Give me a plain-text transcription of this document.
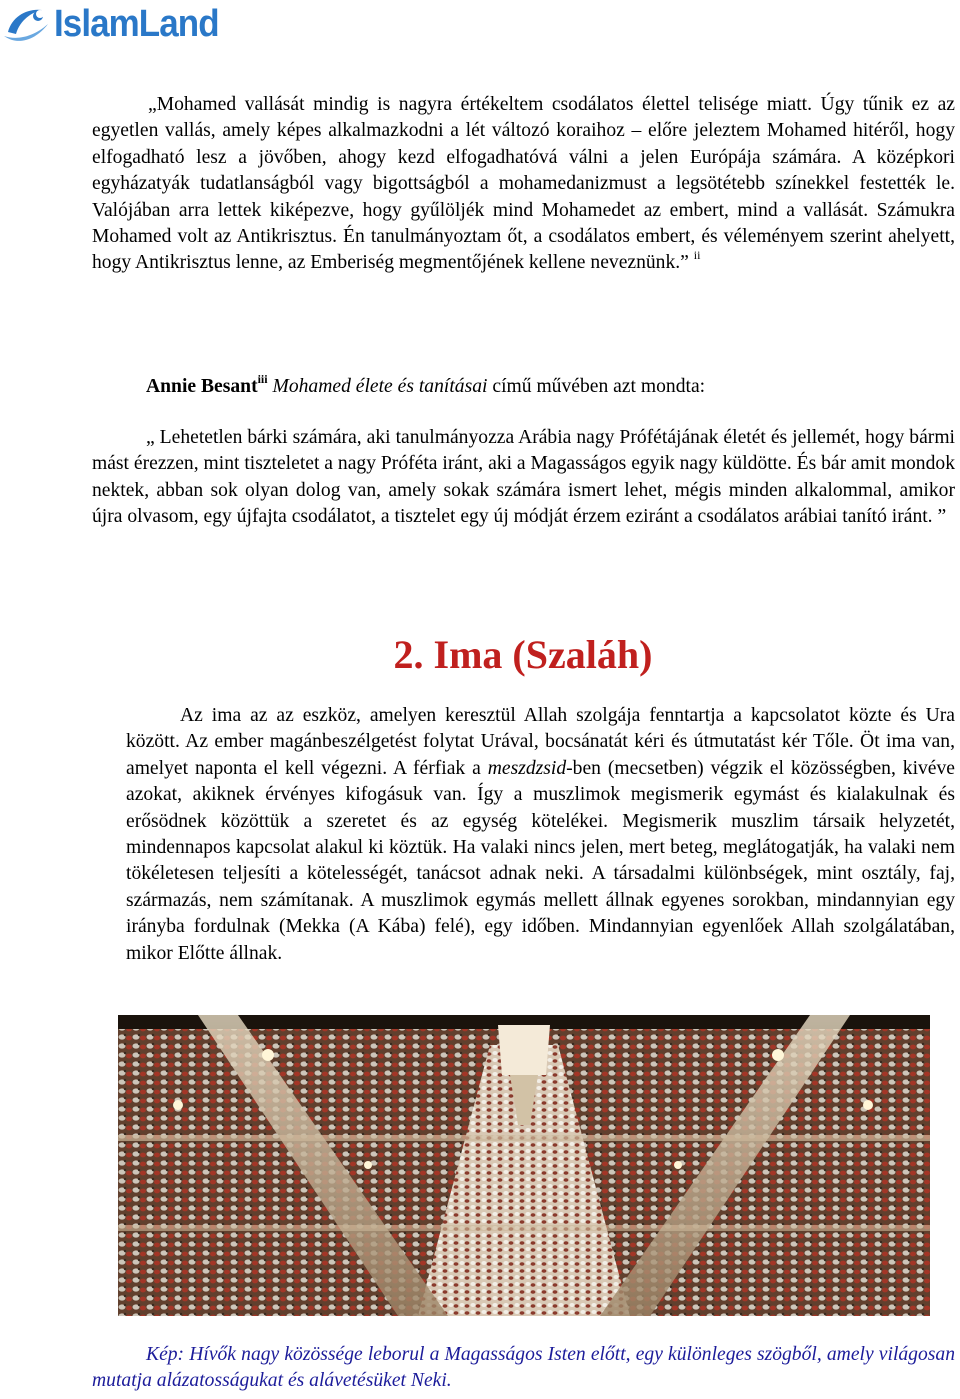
IslamLand

„Mohamed vallását mindig is nagyra értékeltem csodálatos élettel telisége miatt. Úgy tűnik ez az egyetlen vallás, amely képes alkalmazkodni a lét változó koraihoz – előre jeleztem Mohamed hitéről, hogy elfogadható lesz a jövőben, ahogy kezd elfogadhatóvá válni a jelen Európája számára. A középkori egyházatyák tudatlanságból vagy bigottságból a mohamedanizmust a legsötétebb színekkel festették le. Valójában arra lettek kiképezve, hogy gyűlöljék mind Mohamedet az embert, mind a vallását. Számukra Mohamed volt az Antikrisztus. Én tanulmányoztam őt, a csodálatos embert, és véleményem szerint ahelyett, hogy Antikrisztus lenne, az Emberiség megmentőjének kellene neveznünk.” $^{ii}$

Annie Besant$^{iii}$ Mohamed élete és tanításai című művében azt mondta:

„ Lehetetlen bárki számára, aki tanulmányozza Arábia nagy Prófétájának életét és jellemét, hogy bármi mást érezzen, mint tiszteletet a nagy Próféta iránt, aki a Magasságos egyik nagy küldötte. És bár amit mondok nektek, abban sok olyan dolog van, amely sokak számára ismert lehet, mégis minden alkalommal, amikor újra olvasom, egy újfajta csodálatot, a tisztelet egy új módját érzem eziránt a csodálatos arábiai tanító iránt. ”

2. Ima (Szaláh)

Az ima az az eszköz, amelyen keresztül Allah szolgája fenntartja a kapcsolatot közte és Ura között. Az ember magánbeszélgetést folytat Urával, bocsánatát kéri és útmutatást kér Tőle. Öt ima van, amelyet naponta el kell végezni. A férfiak a meszdzsid-ben (mecsetben) végzik el közösségben, kivéve azokat, akiknek érvényes kifogásuk van. Így a muszlimok megismerik egymást és kialakulnak és erősödnek közöttük a szeretet és az egység kötelékei. Megismerik muszlim társaik helyzetét, mindennapos kapcsolat alakul ki köztük. Ha valaki nincs jelen, mert beteg, meglátogatják, ha valaki nem tökéletesen teljesíti a kötelességét, tanácsot adnak neki. A társadalmi különbségek, mint osztály, faj, származás, nem számítanak. A muszlimok egymás mellett állnak egyenes sorokban, mindannyian egy irányba fordulnak (Mekka (A Kába) felé), egy időben. Mindannyian egyenlőek Allah szolgálatában, mikor Előtte állnak.

Kép: Hívők nagy közössége leborul a Magasságos Isten előtt, egy különleges szögből, amely világosan mutatja alázatosságukat és alávetésüket Neki.
